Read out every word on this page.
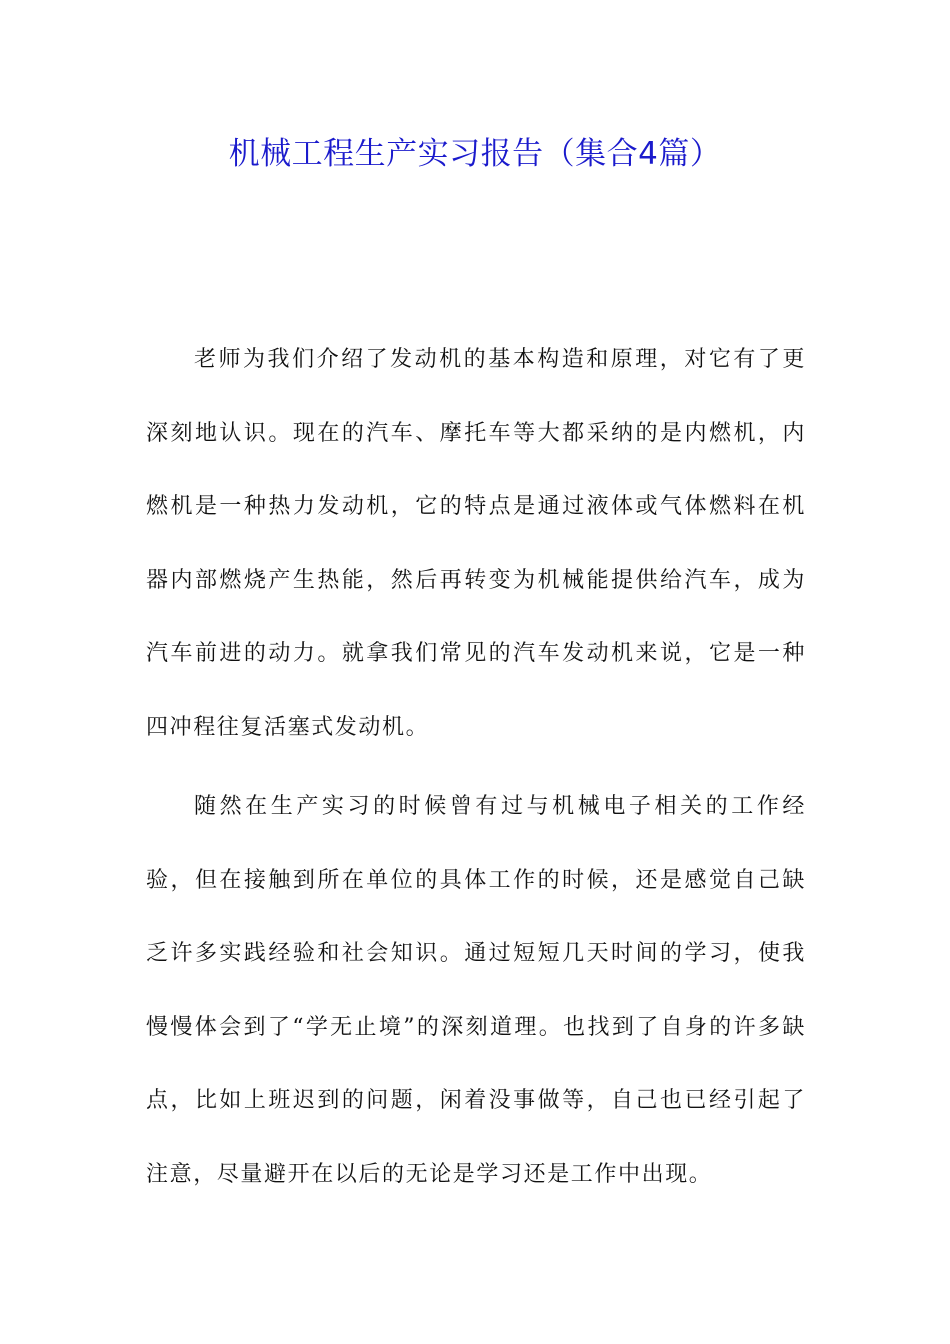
机械工程生产实习报告（集合4篇）

老师为我们介绍了发动机的基本构造和原理，对它有了更深刻地认识。现在的汽车、摩托车等大都采纳的是内燃机，内燃机是一种热力发动机，它的特点是通过液体或气体燃料在机器内部燃烧产生热能，然后再转变为机械能提供给汽车，成为汽车前进的动力。就拿我们常见的汽车发动机来说，它是一种四冲程往复活塞式发动机。

随然在生产实习的时候曾有过与机械电子相关的工作经验，但在接触到所在单位的具体工作的时候，还是感觉自己缺乏许多实践经验和社会知识。通过短短几天时间的学习，使我慢慢体会到了“学无止境”的深刻道理。也找到了自身的许多缺点，比如上班迟到的问题，闲着没事做等，自己也已经引起了注意，尽量避开在以后的无论是学习还是工作中出现。
